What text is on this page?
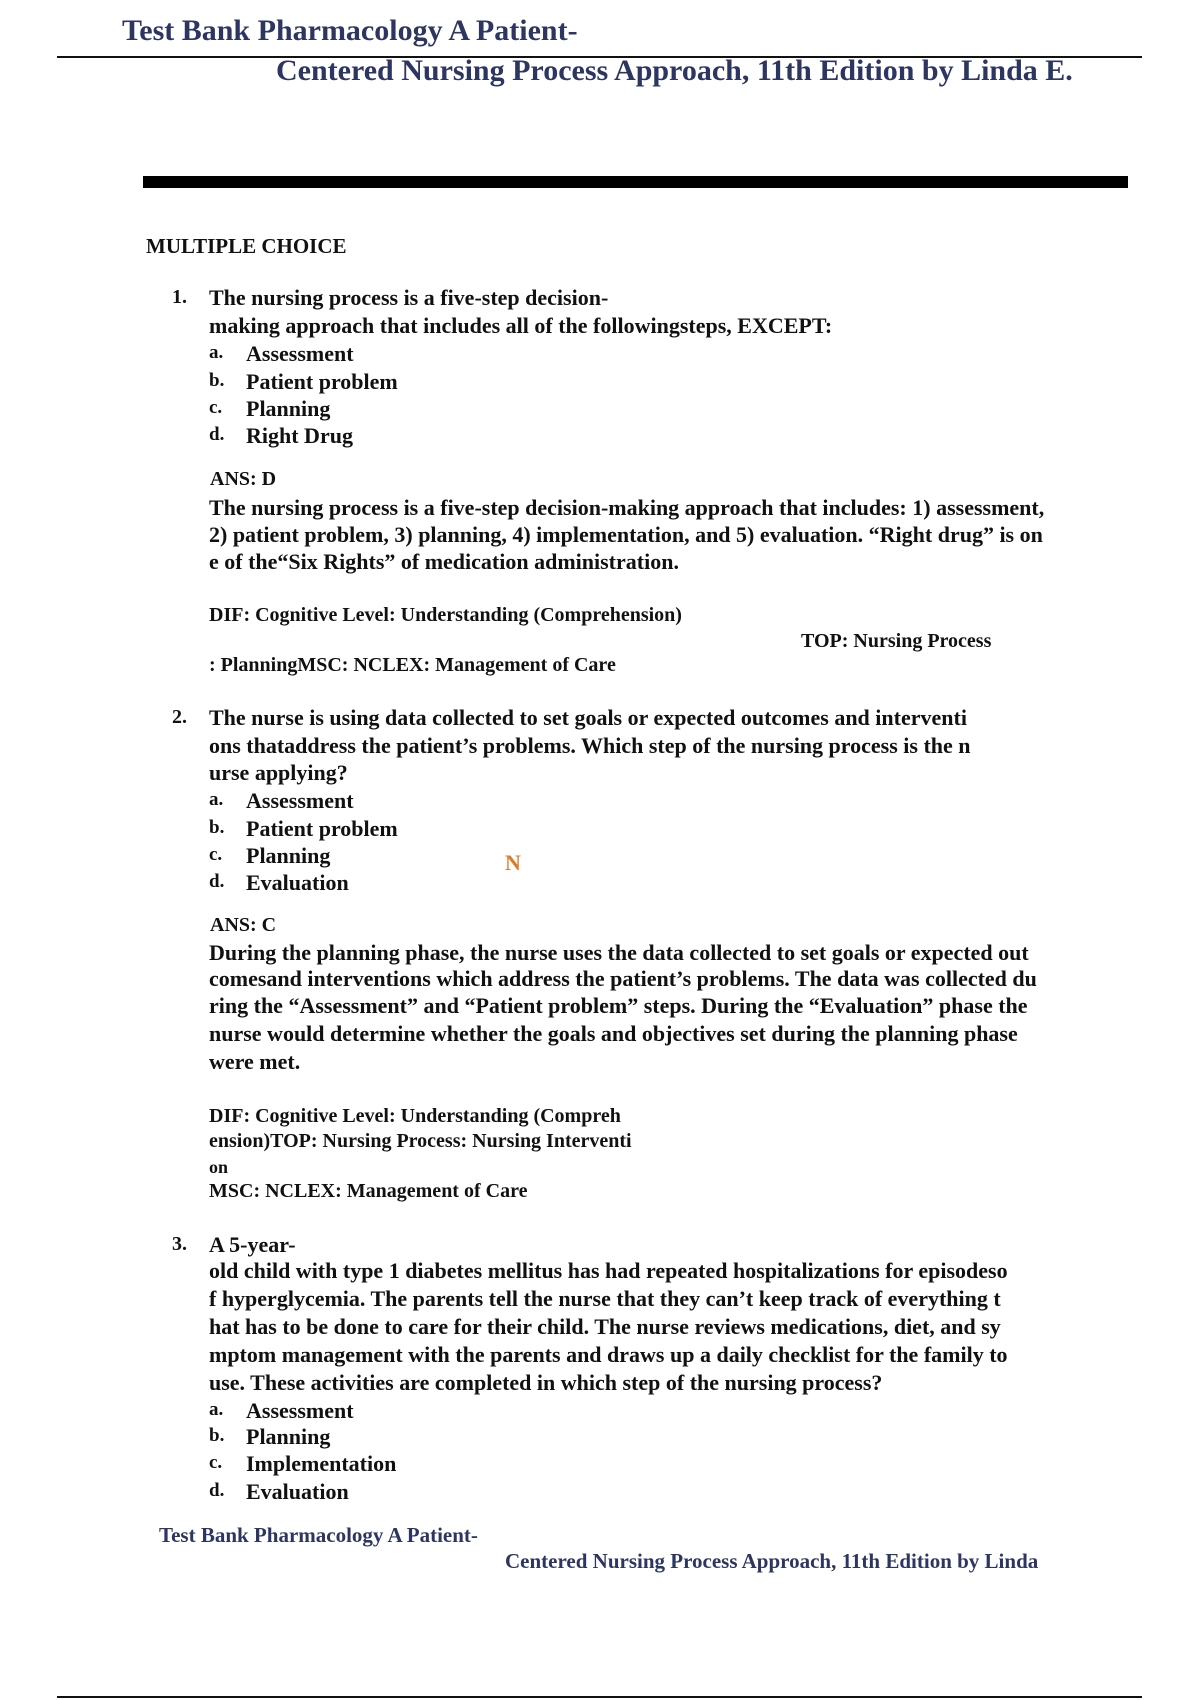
Test Bank Pharmacology A Patient-
Centered Nursing Process Approach, 11th Edition by Linda E.
MULTIPLE CHOICE
1. The nursing process is a five-step decision-
making approach that includes all of the followingsteps, EXCEPT:
a. Assessment
b. Patient problem
c. Planning
d. Right Drug
ANS: D
The nursing process is a five-step decision-making approach that includes: 1) assessment,
2) patient problem, 3) planning, 4) implementation, and 5) evaluation. “Right drug” is on
e of the“Six Rights” of medication administration.
DIF: Cognitive Level: Understanding (Comprehension)
TOP: Nursing Process
: PlanningMSC: NCLEX: Management of Care
2. The nurse is using data collected to set goals or expected outcomes and interventi
ons thataddress the patient’s problems. Which step of the nursing process is the n
urse applying?
a. Assessment
b. Patient problem
c. Planning	N
d. Evaluation
ANS: C
During the planning phase, the nurse uses the data collected to set goals or expected out
comesand interventions which address the patient’s problems. The data was collected du
ring the “Assessment” and “Patient problem” steps. During the “Evaluation” phase the
nurse would determine whether the goals and objectives set during the planning phase
were met.
DIF: Cognitive Level: Understanding (Compreh
ension)TOP: Nursing Process: Nursing Interventi
on
MSC: NCLEX: Management of Care
3. A 5-year-
old child with type 1 diabetes mellitus has had repeated hospitalizations for episodeso
f hyperglycemia. The parents tell the nurse that they can’t keep track of everything t
hat has to be done to care for their child. The nurse reviews medications, diet, and sy
mptom management with the parents and draws up a daily checklist for the family to
use. These activities are completed in which step of the nursing process?
a. Assessment
b. Planning
c. Implementation
d. Evaluation
Test Bank Pharmacology A Patient-
Centered Nursing Process Approach, 11th Edition by Linda
